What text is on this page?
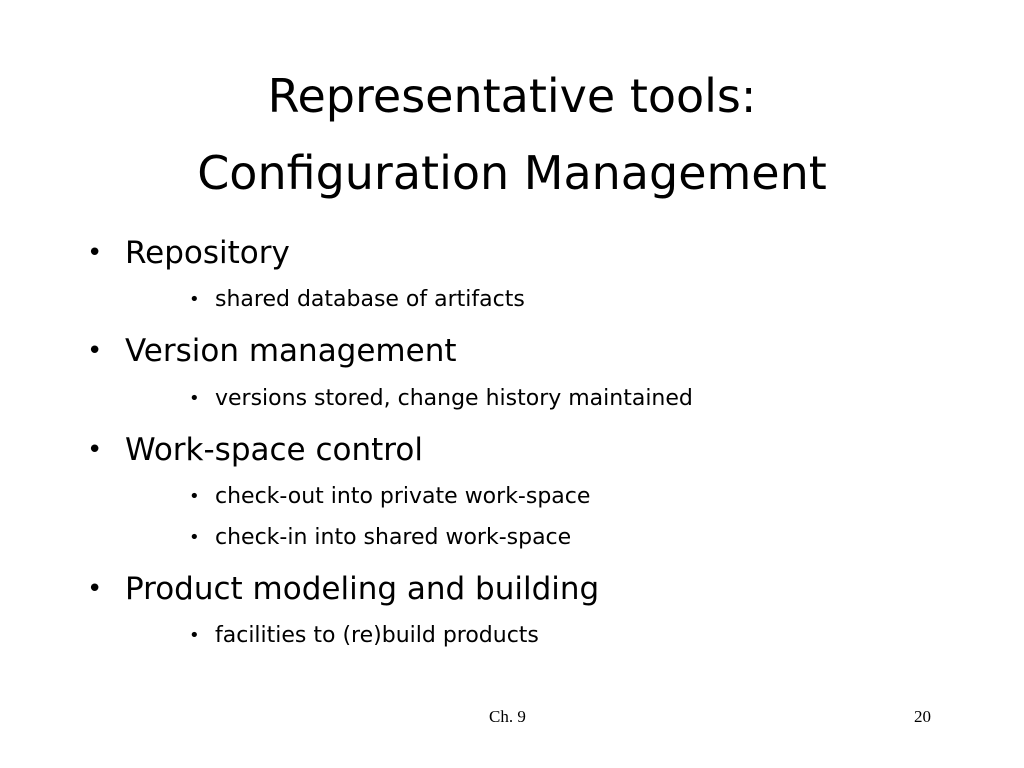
Representative tools:
Configuration Management
• Repository
• shared database of artifacts
• Version management
• versions stored, change history maintained
• Work-space control
• check-out into private work-space
• check-in into shared work-space
• Product modeling and building
• facilities to (re)build products
Ch. 9	20
